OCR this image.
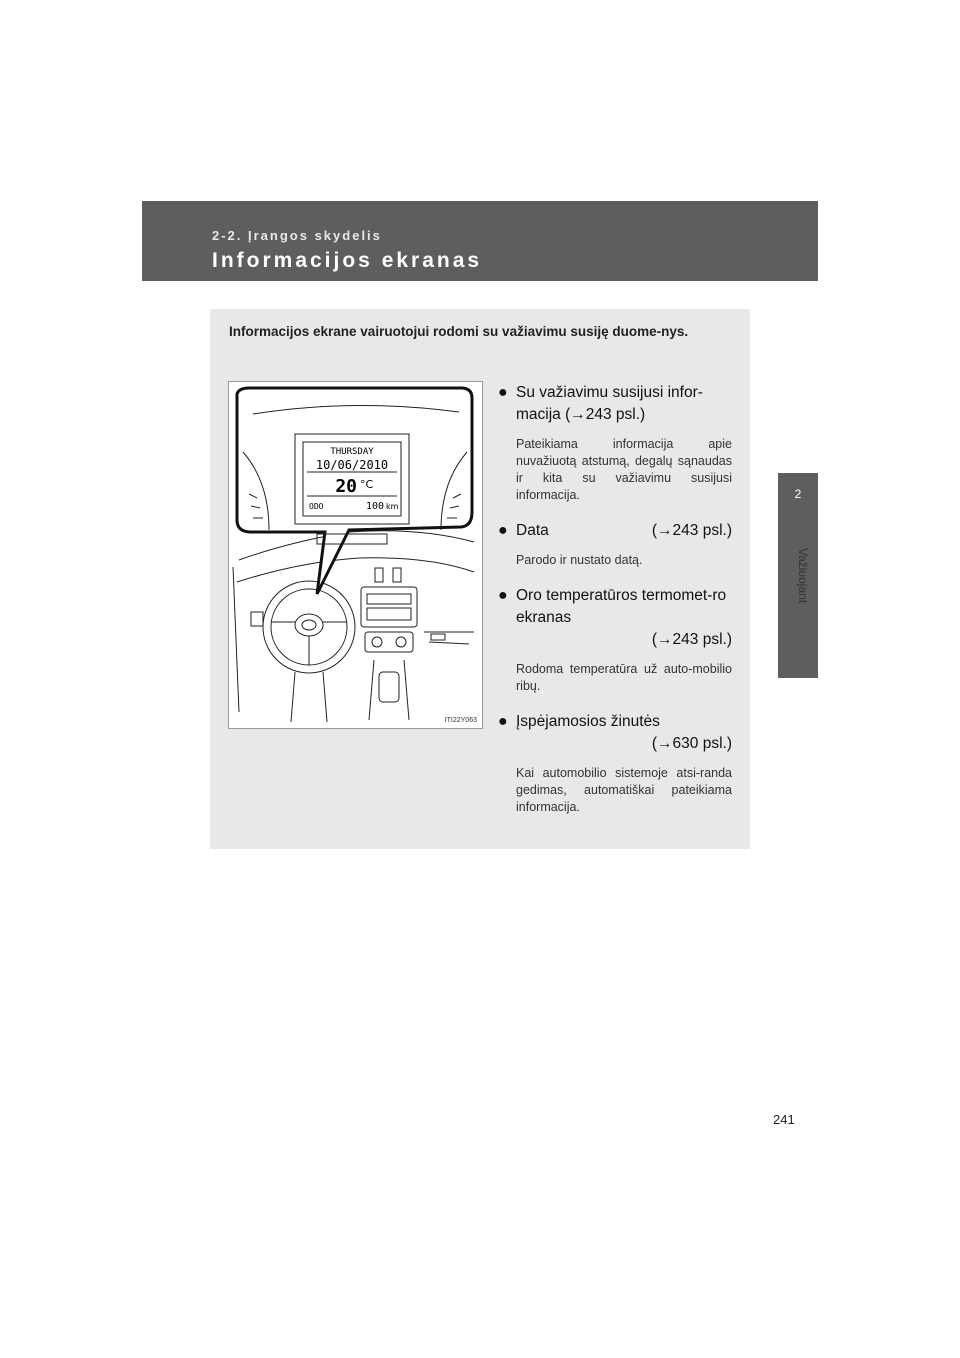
2-2. Įrangos skydelis
Informacijos ekranas
2
Važiuojant
Informacijos ekrane vairuotojui rodomi su važiavimu susiję duome-nys.
THURSDAY
10/06/2010
20 °C
ODO	100 km
ITI22Y063
● Su važiavimu susijusi infor-macija (→243 psl.)
Pateikiama informacija apie nuvažiuotą atstumą, degalų sąnaudas ir kita su važiavimu susijusi informacija.
● Data	(→243 psl.)
Parodo ir nustato datą.
● Oro temperatūros termomet-ro ekranas
(→243 psl.)
Rodoma temperatūra už auto-mobilio ribų.
● Įspėjamosios žinutės
(→630 psl.)
Kai automobilio sistemoje atsi-randa gedimas, automatiškai pateikiama informacija.
241
